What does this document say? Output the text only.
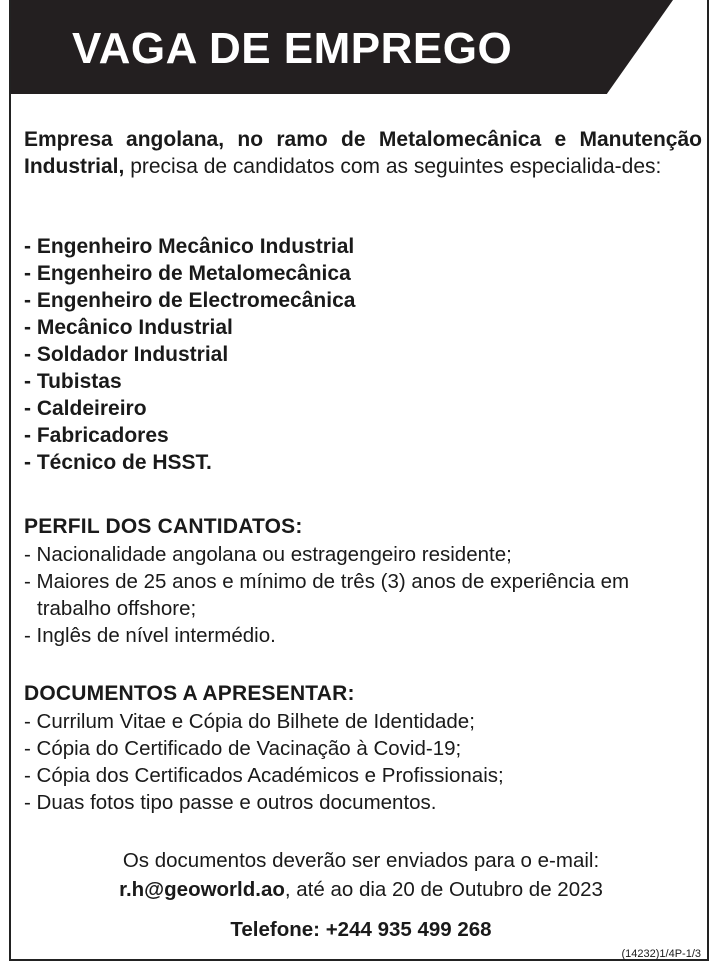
VAGA DE EMPREGO

Empresa angolana, no ramo de Metalomecânica e Manutenção Industrial, precisa de candidatos com as seguintes especialida-des:

- Engenheiro Mecânico Industrial
- Engenheiro de Metalomecânica
- Engenheiro de Electromecânica
- Mecânico Industrial
- Soldador Industrial
- Tubistas
- Caldeireiro
- Fabricadores
- Técnico de HSST.
PERFIL DOS CANTIDATOS:
- Nacionalidade angolana ou estragengeiro residente;
- Maiores de 25 anos e mínimo de três (3) anos de experiência em trabalho offshore;
- Inglês de nível intermédio.
DOCUMENTOS A APRESENTAR:
- Currilum Vitae e Cópia do Bilhete de Identidade;
- Cópia do Certificado de Vacinação à Covid-19;
- Cópia dos Certificados Académicos e Profissionais;
- Duas fotos tipo passe e outros documentos.

Os documentos deverão ser enviados para o e-mail:

r.h@geoworld.ao, até ao dia 20 de Outubro de 2023

Telefone: +244 935 499 268

(14232)1/4P-1/3
